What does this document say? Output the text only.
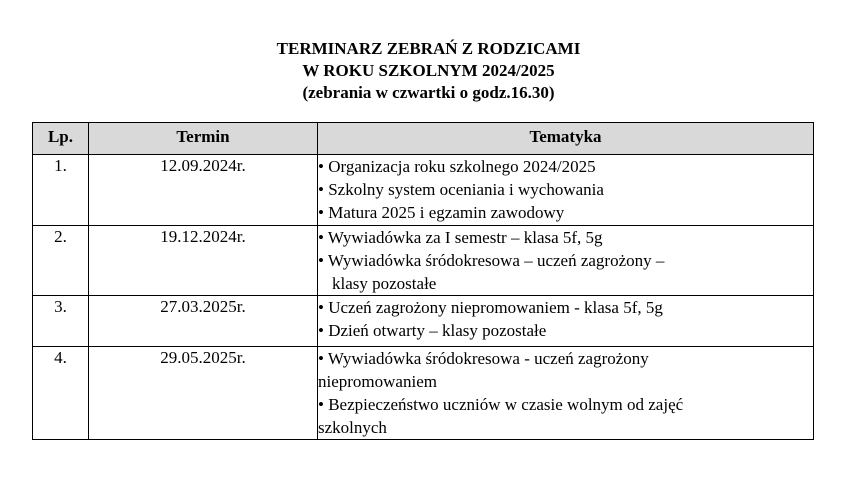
TERMINARZ ZEBRAŃ Z RODZICAMI
W ROKU SZKOLNYM 2024/2025
(zebrania w czwartki o godz.16.30)
Lp.	Termin	Tematyka
1.	12.09.2024r.	• Organizacja roku szkolnego 2024/2025
• Szkolny system oceniania i wychowania
• Matura 2025 i egzamin zawodowy

2.	19.12.2024r.	• Wywiadówka za I semestr – klasa 5f, 5g
• Wywiadówka śródokresowa – uczeń zagrożony –
klasy pozostałe

3.	27.03.2025r.	• Uczeń zagrożony niepromowaniem - klasa 5f, 5g
• Dzień otwarty – klasy pozostałe

4.	29.05.2025r.	• Wywiadówka śródokresowa - uczeń zagrożony
niepromowaniem
• Bezpieczeństwo uczniów w czasie wolnym od zajęć
szkolnych
